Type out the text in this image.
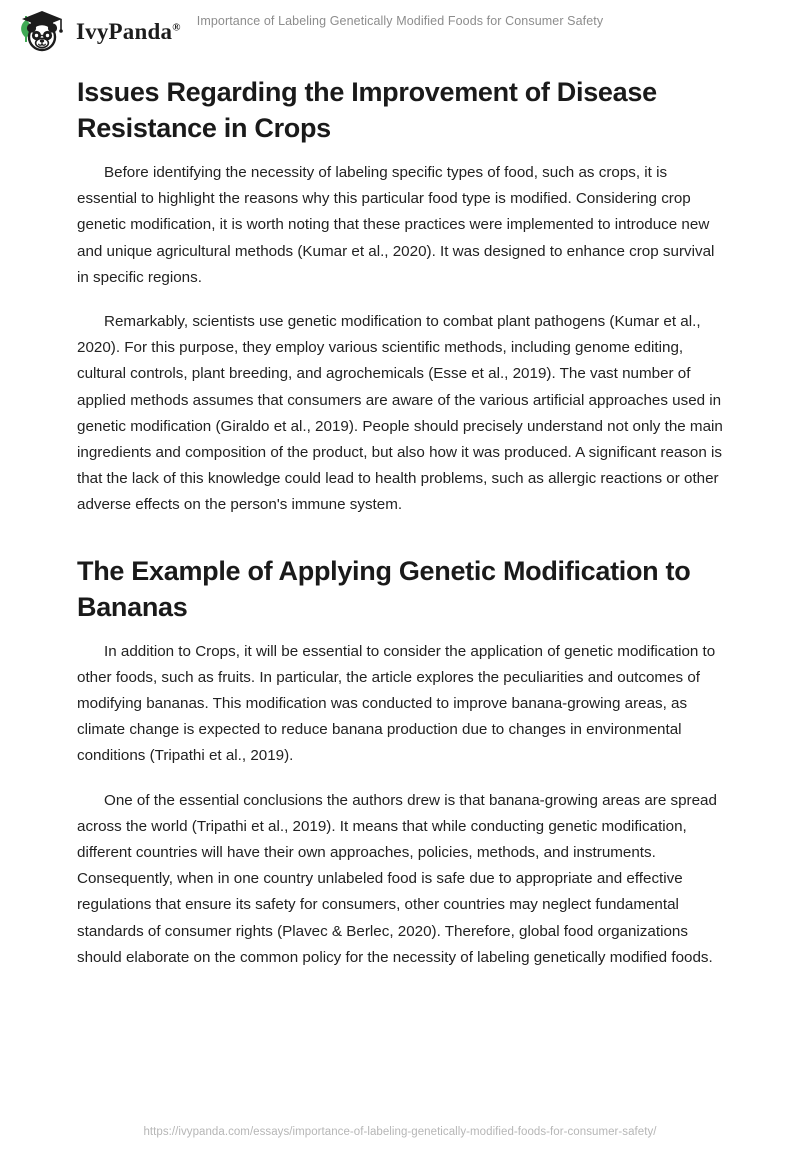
IvyPanda®	Importance of Labeling Genetically Modified Foods for Consumer Safety
Issues Regarding the Improvement of Disease Resistance in Crops

Before identifying the necessity of labeling specific types of food, such as crops, it is essential to highlight the reasons why this particular food type is modified. Considering crop genetic modification, it is worth noting that these practices were implemented to introduce new and unique agricultural methods (Kumar et al., 2020). It was designed to enhance crop survival in specific regions.

Remarkably, scientists use genetic modification to combat plant pathogens (Kumar et al., 2020). For this purpose, they employ various scientific methods, including genome editing, cultural controls, plant breeding, and agrochemicals (Esse et al., 2019). The vast number of applied methods assumes that consumers are aware of the various artificial approaches used in genetic modification (Giraldo et al., 2019). People should precisely understand not only the main ingredients and composition of the product, but also how it was produced. A significant reason is that the lack of this knowledge could lead to health problems, such as allergic reactions or other adverse effects on the person's immune system.

The Example of Applying Genetic Modification to Bananas

In addition to Crops, it will be essential to consider the application of genetic modification to other foods, such as fruits. In particular, the article explores the peculiarities and outcomes of modifying bananas. This modification was conducted to improve banana-growing areas, as climate change is expected to reduce banana production due to changes in environmental conditions (Tripathi et al., 2019).

One of the essential conclusions the authors drew is that banana-growing areas are spread across the world (Tripathi et al., 2019). It means that while conducting genetic modification, different countries will have their own approaches, policies, methods, and instruments. Consequently, when in one country unlabeled food is safe due to appropriate and effective regulations that ensure its safety for consumers, other countries may neglect fundamental standards of consumer rights (Plavec & Berlec, 2020). Therefore, global food organizations should elaborate on the common policy for the necessity of labeling genetically modified foods.

https://ivypanda.com/essays/importance-of-labeling-genetically-modified-foods-for-consumer-safety/
